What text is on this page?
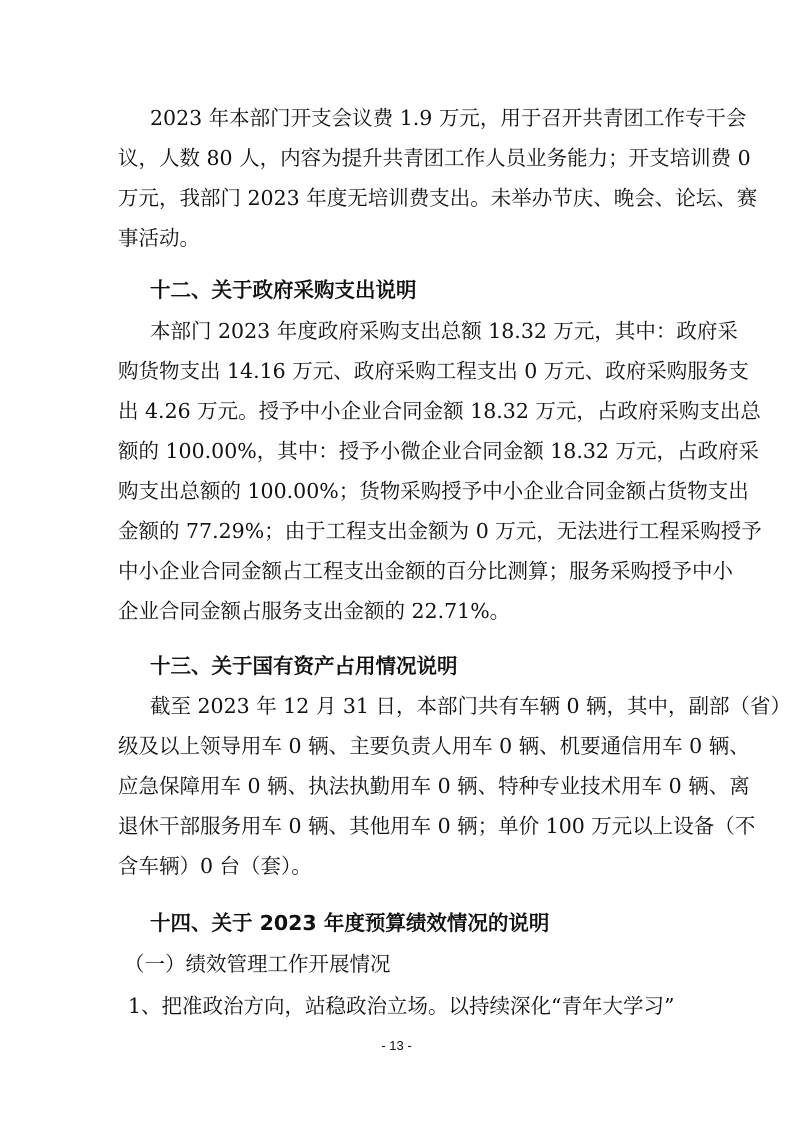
2023 年本部门开支会议费 1.9 万元，用于召开共青团工作专干会
议，人数 80 人，内容为提升共青团工作人员业务能力；开支培训费 0
万元，我部门 2023 年度无培训费支出。未举办节庆、晚会、论坛、赛
事活动。
十二、关于政府采购支出说明
本部门 2023 年度政府采购支出总额 18.32 万元，其中：政府采
购货物支出 14.16 万元、政府采购工程支出 0 万元、政府采购服务支
出 4.26 万元。授予中小企业合同金额 18.32 万元，占政府采购支出总
额的 100.00%，其中：授予小微企业合同金额 18.32 万元，占政府采
购支出总额的 100.00%；货物采购授予中小企业合同金额占货物支出
金额的 77.29%；由于工程支出金额为 0 万元，无法进行工程采购授予
中小企业合同金额占工程支出金额的百分比测算；服务采购授予中小
企业合同金额占服务支出金额的 22.71%。
十三、关于国有资产占用情况说明
截至 2023 年 12 月 31 日，本部门共有车辆 0 辆，其中，副部（省）
级及以上领导用车 0 辆、主要负责人用车 0 辆、机要通信用车 0 辆、
应急保障用车 0 辆、执法执勤用车 0 辆、特种专业技术用车 0 辆、离
退休干部服务用车 0 辆、其他用车 0 辆；单价 100 万元以上设备（不
含车辆）0 台（套）。
十四、关于 2023 年度预算绩效情况的说明
（一）绩效管理工作开展情况
1、把准政治方向，站稳政治立场。以持续深化“青年大学习”
- 13 -
